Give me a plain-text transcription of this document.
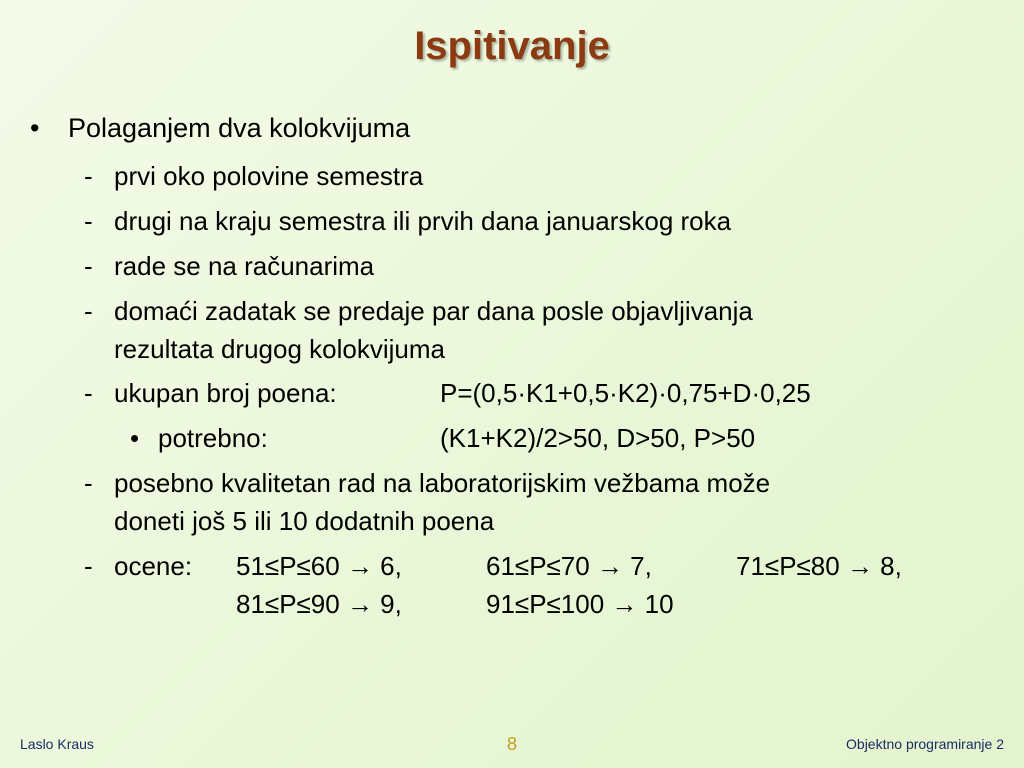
Ispitivanje
• Polaganjem dva kolokvijuma
- prvi oko polovine semestra
- drugi na kraju semestra ili prvih dana januarskog roka
- rade se na računarima
- domaći zadatak se predaje par dana posle objavljivanja
rezultata drugog kolokvijuma
- ukupan broj poena:	P=(0,5·K1+0,5·K2)·0,75+D·0,25
• potrebno:	(K1+K2)/2>50, D>50, P>50
- posebno kvalitetan rad na laboratorijskim vežbama može
doneti još 5 ili 10 dodatnih poena
- ocene: 51≤P≤60 → 6,	61≤P≤70 → 7,	71≤P≤80 → 8,
81≤P≤90 → 9,	91≤P≤100 → 10
Laslo Kraus	8	Objektno programiranje 2
